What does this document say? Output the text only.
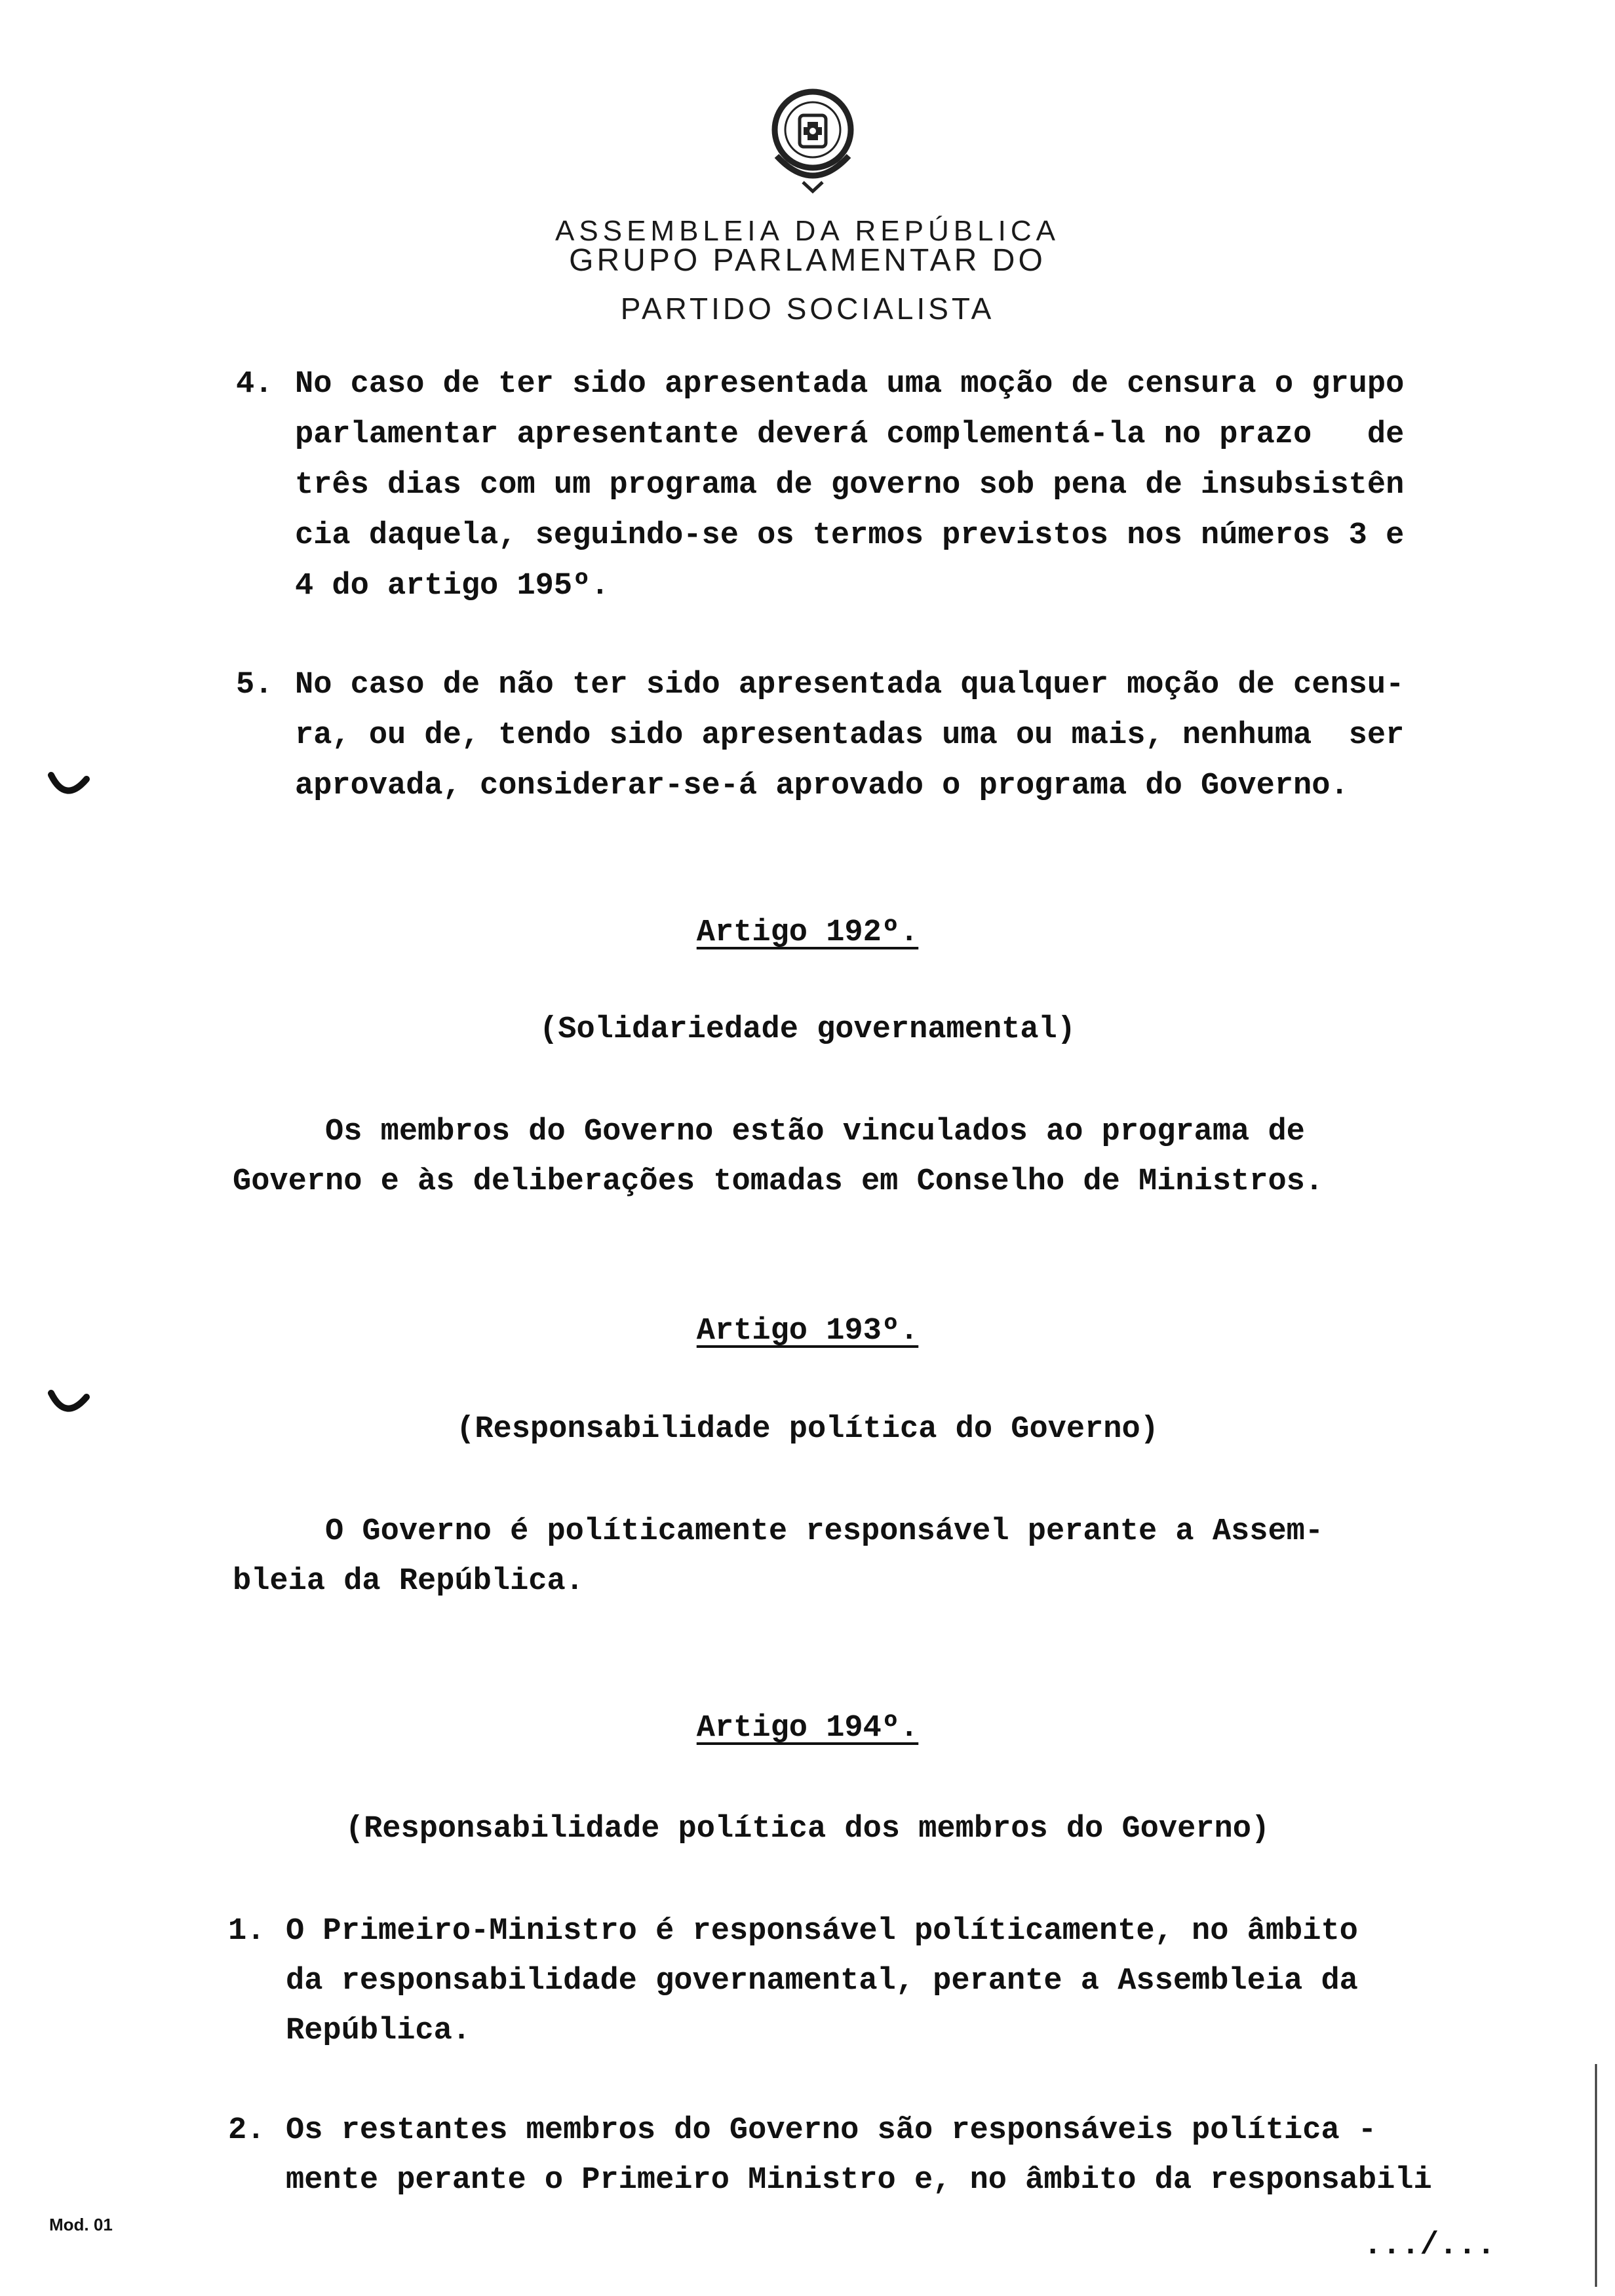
ASSEMBLEIA DA REPÚBLICA
GRUPO PARLAMENTAR DO
PARTIDO SOCIALISTA
4. No caso de ter sido apresentada uma moção de censura o grupo
parlamentar apresentante deverá complementá-la no prazo   de
três dias com um programa de governo sob pena de insubsistên
cia daquela, seguindo-se os termos previstos nos números 3 e
4 do artigo 195º.
5. No caso de não ter sido apresentada qualquer moção de censu-
ra, ou de, tendo sido apresentadas uma ou mais, nenhuma  ser
aprovada, considerar-se-á aprovado o programa do Governo.
Artigo 192º.
(Solidariedade governamental)
Os membros do Governo estão vinculados ao programa de
Governo e às deliberações tomadas em Conselho de Ministros.
Artigo 193º.
(Responsabilidade política do Governo)
O Governo é políticamente responsável perante a Assem-
bleia da República.
Artigo 194º.
(Responsabilidade política dos membros do Governo)
1. O Primeiro-Ministro é responsável políticamente, no âmbito
da responsabilidade governamental, perante a Assembleia da
República.
2. Os restantes membros do Governo são responsáveis política -
mente perante o Primeiro Ministro e, no âmbito da responsabili
Mod. 01
.../...
